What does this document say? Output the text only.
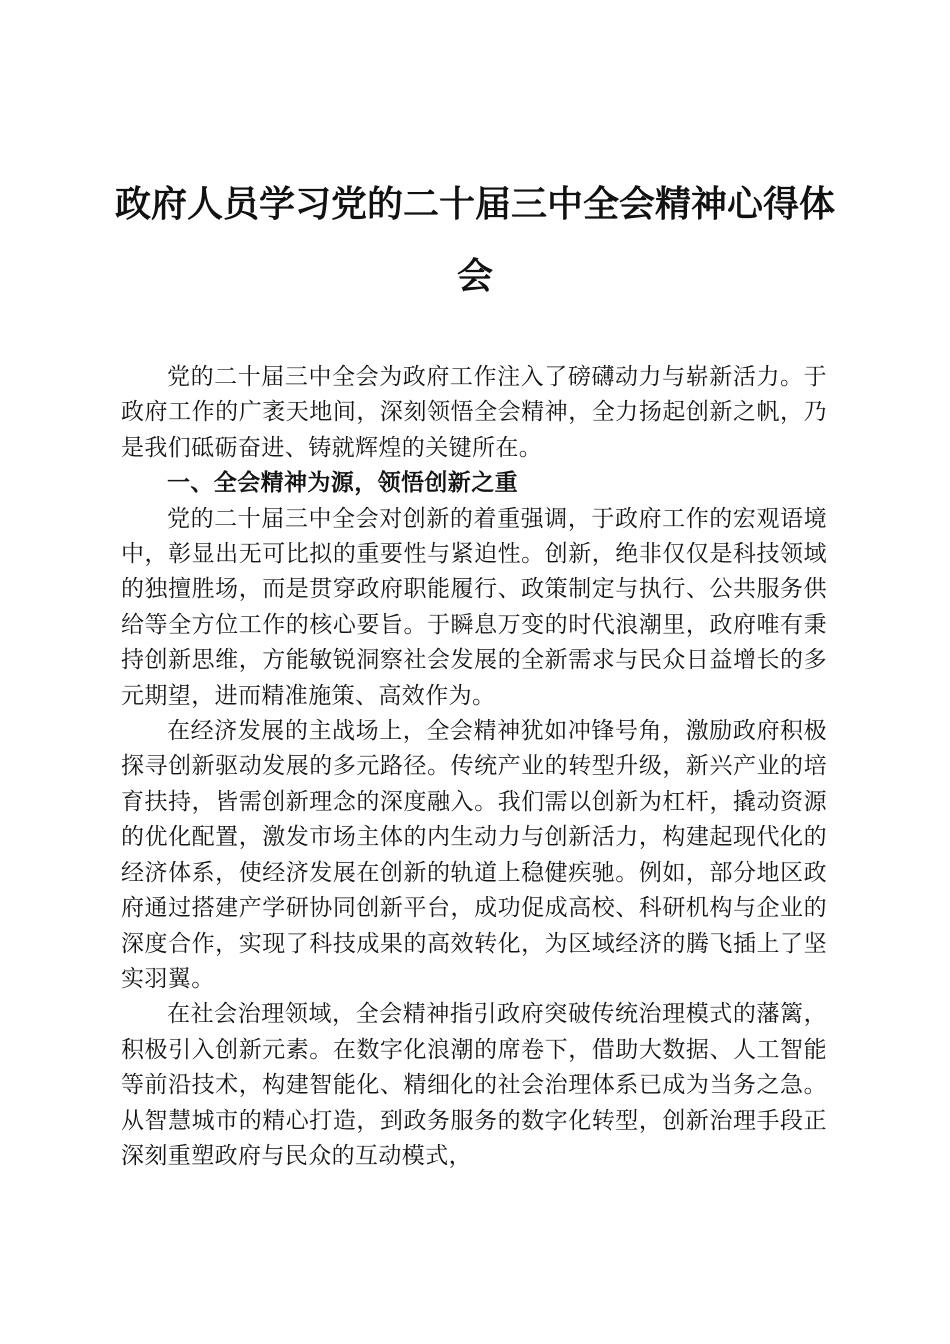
政府人员学习党的二十届三中全会精神心得体会

党的二十届三中全会为政府工作注入了磅礴动力与崭新活力。于政府工作的广袤天地间，深刻领悟全会精神，全力扬起创新之帆，乃是我们砥砺奋进、铸就辉煌的关键所在。

一、全会精神为源，领悟创新之重

党的二十届三中全会对创新的着重强调，于政府工作的宏观语境中，彰显出无可比拟的重要性与紧迫性。创新，绝非仅仅是科技领域的独擅胜场，而是贯穿政府职能履行、政策制定与执行、公共服务供给等全方位工作的核心要旨。于瞬息万变的时代浪潮里，政府唯有秉持创新思维，方能敏锐洞察社会发展的全新需求与民众日益增长的多元期望，进而精准施策、高效作为。

在经济发展的主战场上，全会精神犹如冲锋号角，激励政府积极探寻创新驱动发展的多元路径。传统产业的转型升级，新兴产业的培育扶持，皆需创新理念的深度融入。我们需以创新为杠杆，撬动资源的优化配置，激发市场主体的内生动力与创新活力，构建起现代化的经济体系，使经济发展在创新的轨道上稳健疾驰。例如，部分地区政府通过搭建产学研协同创新平台，成功促成高校、科研机构与企业的深度合作，实现了科技成果的高效转化，为区域经济的腾飞插上了坚实羽翼。

在社会治理领域，全会精神指引政府突破传统治理模式的藩篱，积极引入创新元素。在数字化浪潮的席卷下，借助大数据、人工智能等前沿技术，构建智能化、精细化的社会治理体系已成为当务之急。从智慧城市的精心打造，到政务服务的数字化转型，创新治理手段正深刻重塑政府与民众的互动模式，
